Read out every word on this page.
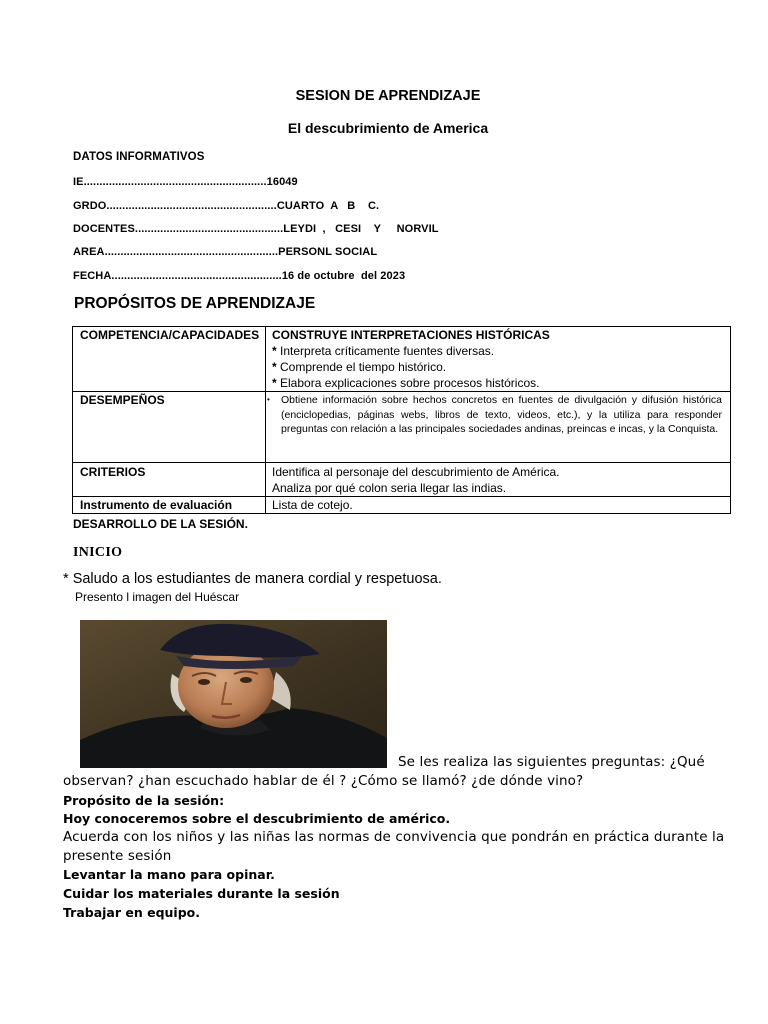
SESION DE APRENDIZAJE
El descubrimiento de America
DATOS INFORMATIVOS
IE..........................................................16049
GRDO......................................................CUARTO  A   B    C.
DOCENTES...............................................LEYDI  ,   CESI    Y     NORVIL
AREA.......................................................PERSONL SOCIAL
FECHA......................................................16 de octubre  del 2023
PROPÓSITOS DE APRENDIZAJE
COMPETENCIA/CAPACIDADES	CONSTRUYE INTERPRETACIONES HISTÓRICAS
* Interpreta críticamente fuentes diversas.
* Comprende el tiempo histórico.
* Elabora explicaciones sobre procesos históricos.

DESEMPEÑOS	• Obtiene información sobre hechos concretos en fuentes de divulgación y difusión histórica (enciclopedias, páginas webs, libros de texto, videos, etc.), y la utiliza para responder preguntas con relación a las principales sociedades andinas, preincas e incas, y la Conquista.

CRITERIOS	Identifica al personaje del descubrimiento de América.
Analiza por qué colon seria llegar las indias.

Instrumento de evaluación	Lista de cotejo.
DESARROLLO DE LA SESIÓN.
INICIO
* Saludo a los estudiantes de manera cordial y respetuosa.
Presento l imagen del Huéscar
Se les realiza las siguientes preguntas: ¿Qué
observan? ¿han escuchado hablar de él ? ¿Cómo se llamó? ¿de dónde vino?
Propósito de la sesión:
Hoy conoceremos sobre el descubrimiento de américo.
Acuerda con los niños y las niñas las normas de convivencia que pondrán en práctica durante la
presente sesión
Levantar la mano para opinar.
Cuidar los materiales durante la sesión
Trabajar en equipo.
